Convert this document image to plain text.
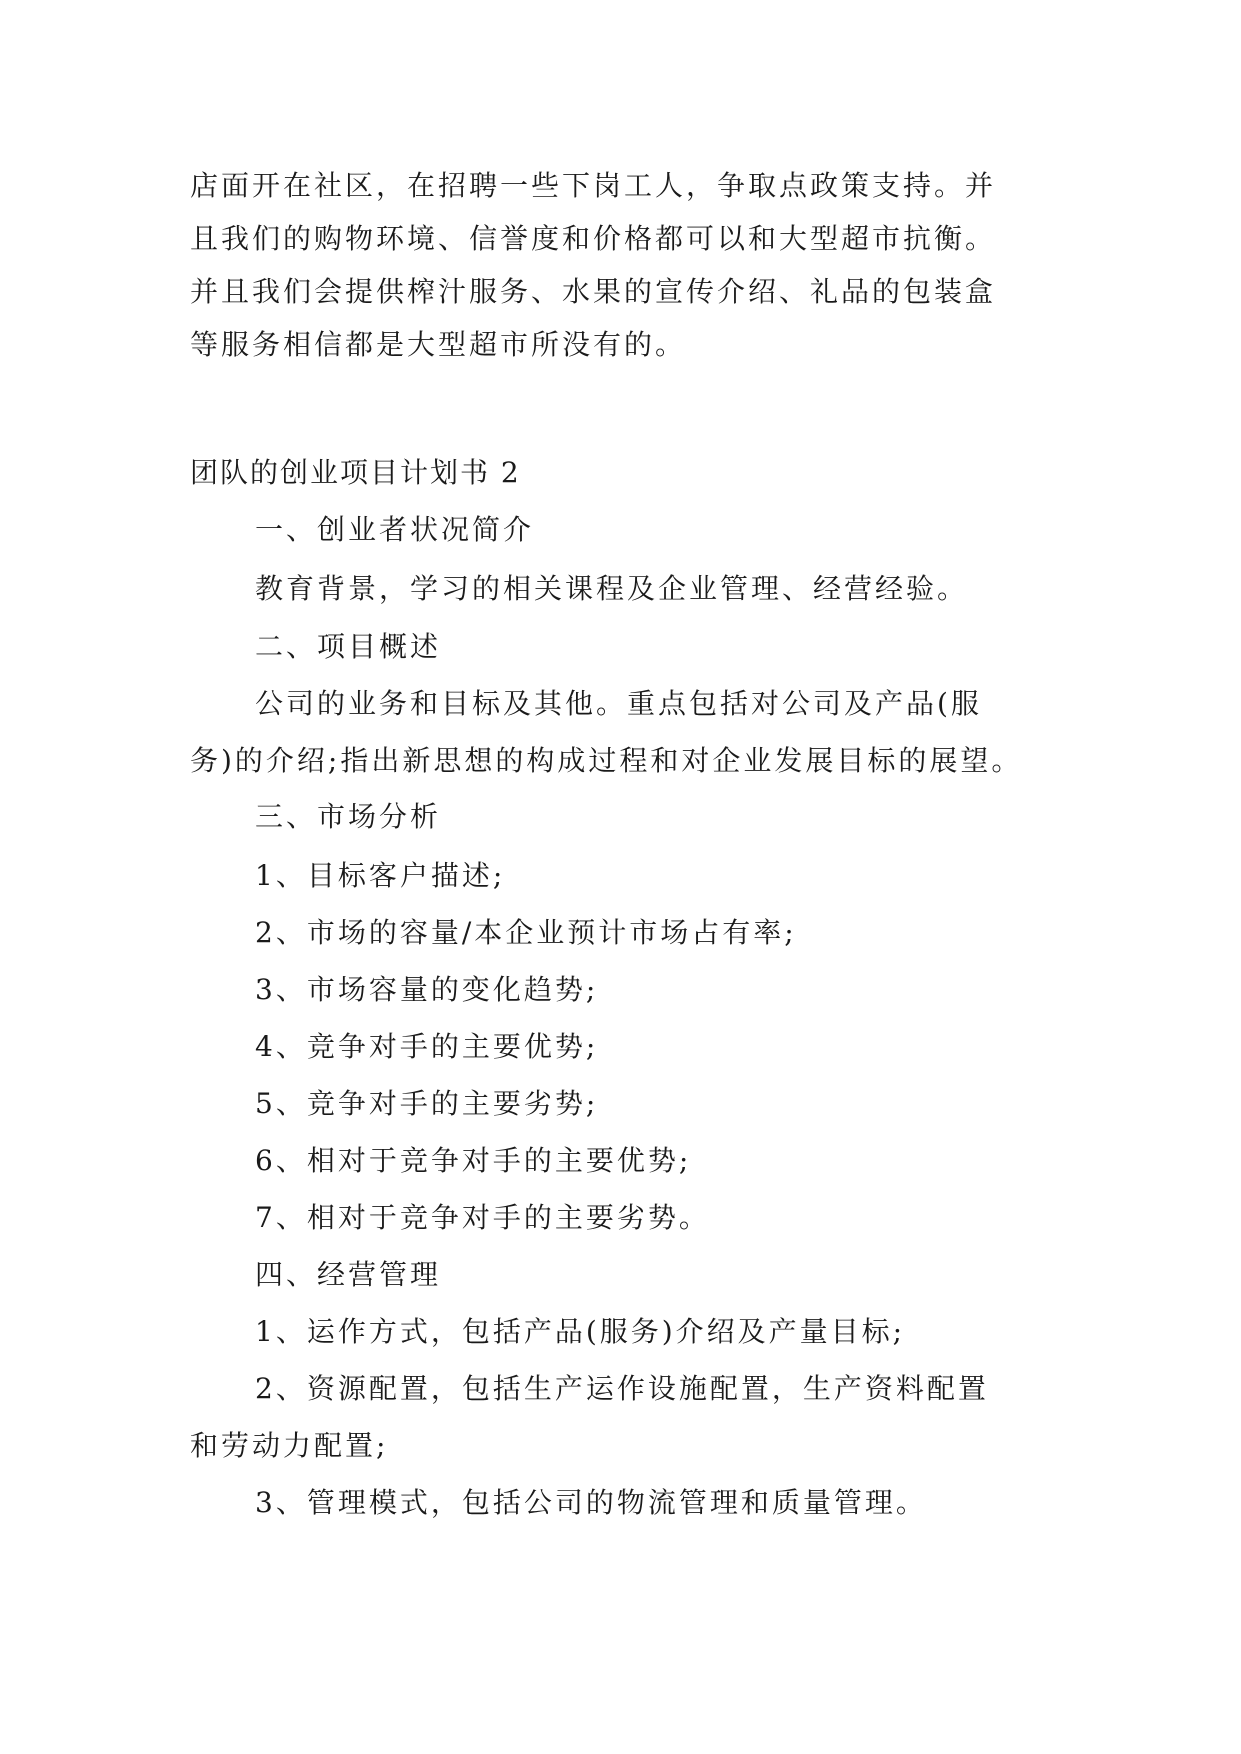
店面开在社区，在招聘一些下岗工人，争取点政策支持。并
且我们的购物环境、信誉度和价格都可以和大型超市抗衡。
并且我们会提供榨汁服务、水果的宣传介绍、礼品的包装盒
等服务相信都是大型超市所没有的。
团队的创业项目计划书 2
一、创业者状况简介
教育背景，学习的相关课程及企业管理、经营经验。
二、项目概述
公司的业务和目标及其他。重点包括对公司及产品(服
务)的介绍;指出新思想的构成过程和对企业发展目标的展望。
三、市场分析
1、目标客户描述;
2、市场的容量/本企业预计市场占有率;
3、市场容量的变化趋势;
4、竞争对手的主要优势;
5、竞争对手的主要劣势;
6、相对于竞争对手的主要优势;
7、相对于竞争对手的主要劣势。
四、经营管理
1、运作方式，包括产品(服务)介绍及产量目标;
2、资源配置，包括生产运作设施配置，生产资料配置
和劳动力配置;
3、管理模式，包括公司的物流管理和质量管理。
